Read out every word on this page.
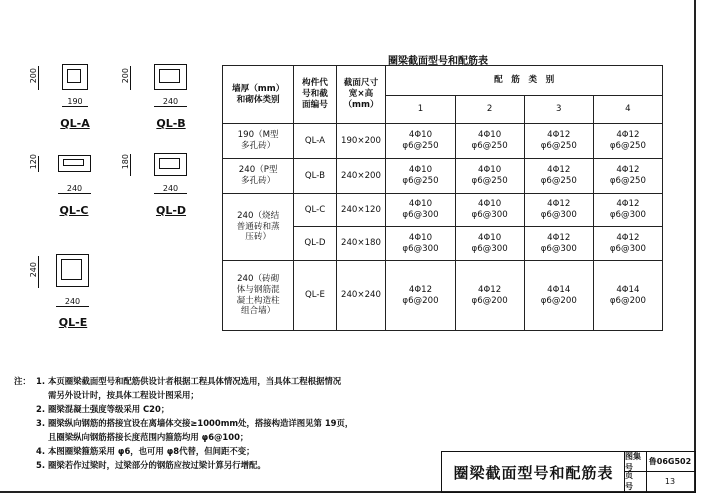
200
190
QL-A
200
240
QL-B
120
240
QL-C
180
240
QL-D
240
240
QL-E
圈梁截面型号和配筋表
墙厚（mm）和砌体类别	构件代号和截面编号	截面尺寸宽×高（mm）	配　筋　类　别			
			1	2	3	4
190（M型多孔砖）	QL-A	190×200	4Φ10 φ6@250	4Φ10 φ6@250	4Φ12 φ6@250	4Φ12 φ6@250
240（P型多孔砖）	QL-B	240×200	4Φ10 φ6@250	4Φ10 φ6@250	4Φ12 φ6@250	4Φ12 φ6@250
240（烧结普通砖和蒸压砖）	QL-C	240×120	4Φ10 φ6@300	4Φ10 φ6@300	4Φ12 φ6@300	4Φ12 φ6@300
	QL-D	240×180	4Φ10 φ6@300	4Φ10 φ6@300	4Φ12 φ6@300	4Φ12 φ6@300
240（砖砌体与钢筋混凝土构造柱组合墙）	QL-E	240×240	4Φ12 φ6@200	4Φ12 φ6@200	4Φ14 φ6@200	4Φ14 φ6@200
注： 1. 本页圈梁截面型号和配筋供设计者根据工程具体情况选用，当具体工程根据情况需另外设计时，按具体工程设计图采用；
2. 圈梁混凝土强度等级采用 C20；
3. 圈梁纵向钢筋的搭接宜设在离墙体交接≥1000mm处，搭接构造详图见第 19页，且圈梁纵向钢筋搭接长度范围内箍筋均用 φ6@100；
4. 本图圈梁箍筋采用 φ6，也可用 φ8代替，但间距不变；
5. 圈梁若作过梁时，过梁部分的钢筋应按过梁计算另行增配。	圈梁截面型号和配筋表
图集号
鲁06G502
页　号
13
